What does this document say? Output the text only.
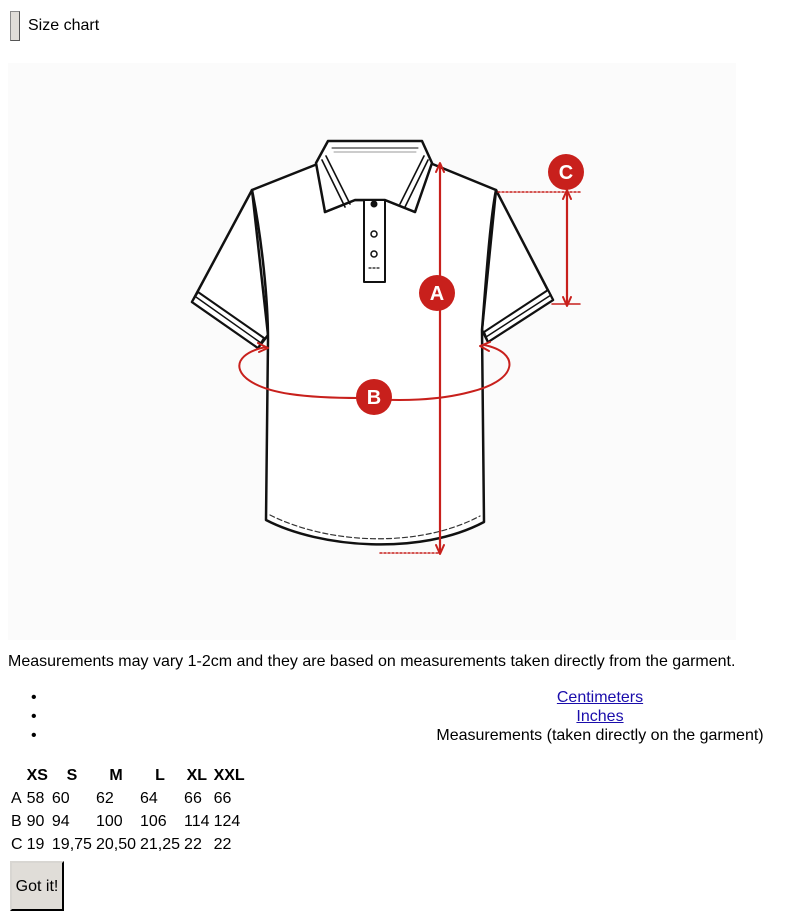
Size chart
A
B
C
Measurements may vary 1-2cm and they are based on measurements taken directly from the garment.
•	Centimeters
•	Inches
•	Measurements (taken directly on the garment)
	XS	S	M	L	XL	XXL
A	58	60	62	64	66	66
B	90	94	100	106	114	124
C	19	19,75	20,50	21,25	22	22
Got it!
